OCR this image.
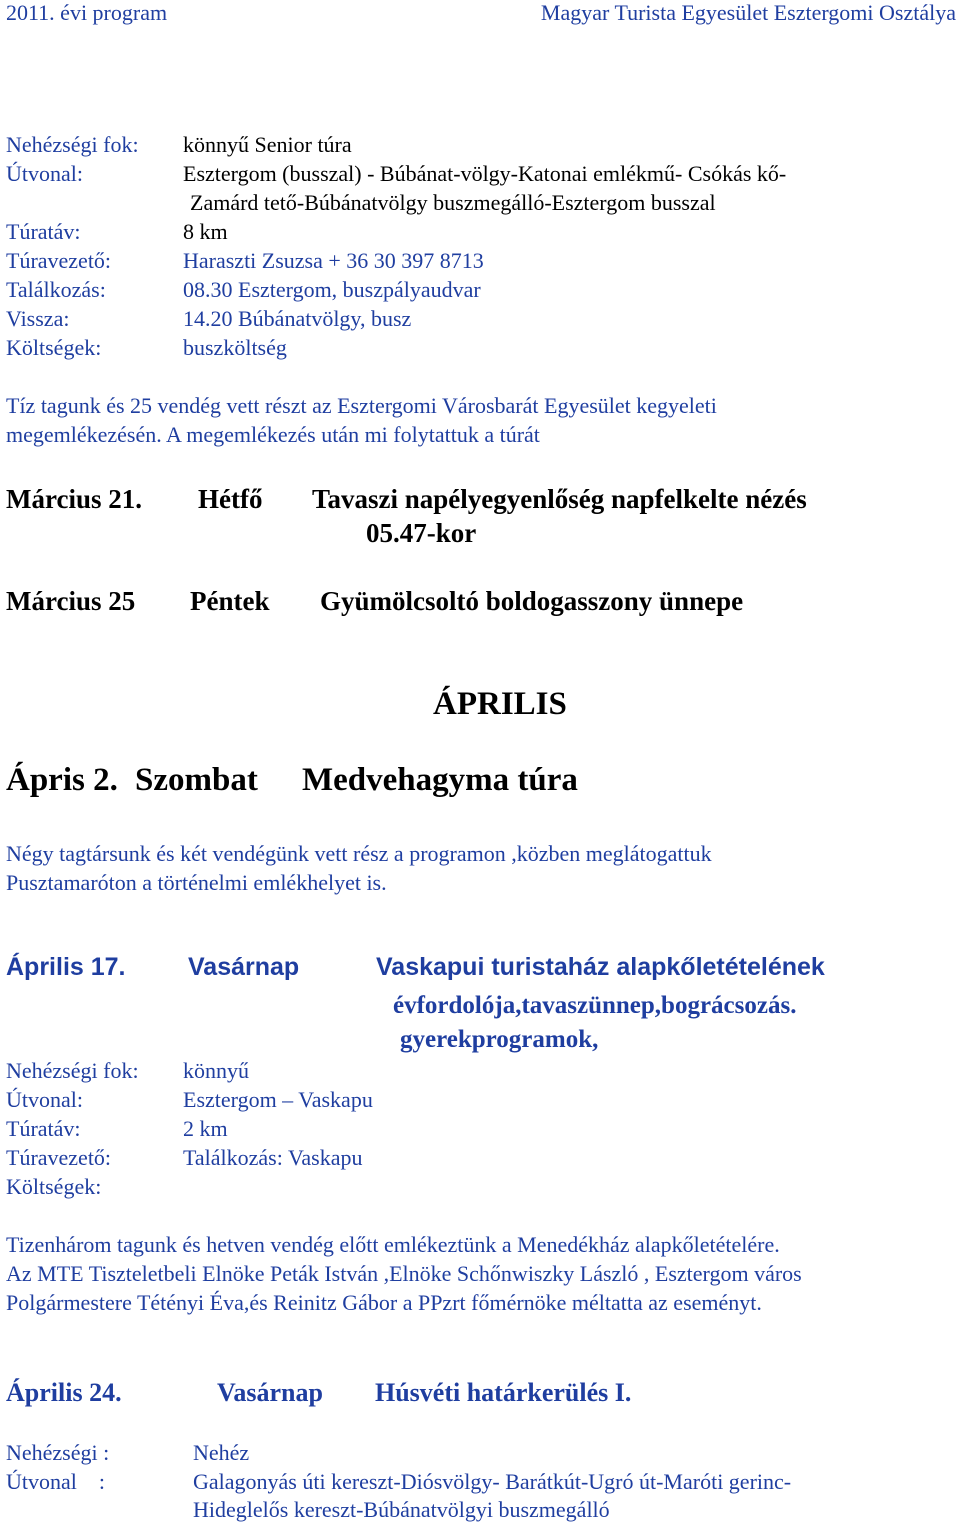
2011. évi program	Magyar Turista Egyesület Esztergomi Osztálya
Nehézségi fok: könnyű Senior túra
Útvonal:	Esztergom (busszal) - Búbánat-völgy-Katonai emlékmű- Csókás kő-
Zamárd tető-Búbánatvölgy buszmegálló-Esztergom busszal
Túratáv:	8 km
Túravezető:	Haraszti Zsuzsa + 36 30 397 8713
Találkozás:	08.30 Esztergom, buszpályaudvar
Vissza:	14.20 Búbánatvölgy, busz
Költségek:	buszköltség
Tíz tagunk és 25 vendég vett részt az Esztergomi Városbarát Egyesület kegyeleti
megemlékezésén. A megemlékezés után mi folytattuk a túrát
Március 21. Hétfő Tavaszi napélyegyenlőség napfelkelte nézés
05.47-kor
Március 25 Péntek Gyümölcsoltó boldogasszony ünnepe
ÁPRILIS
Ápris 2. Szombat Medvehagyma túra
Négy tagtársunk és két vendégünk vett rész a programon ,közben meglátogattuk
Pusztamaróton a történelmi emlékhelyet is.
Április 17.	Vasárnap	Vaskapui turistaház alapkőletételének
évfordolója,tavaszünnep,bográcsozás.
gyerekprogramok,
Nehézségi fok: könnyű
Útvonal:	Esztergom – Vaskapu
Túratáv:	2 km
Túravezető:	Találkozás: Vaskapu
Költségek:
Tizenhárom tagunk és hetven vendég előtt emlékeztünk a Menedékház alapkőletételére.
Az MTE Tiszteletbeli Elnöke Peták István ,Elnöke Schőnwiszky László , Esztergom város
Polgármestere Tétényi Éva,és Reinitz Gábor a PPzrt főmérnöke méltatta az eseményt.
Április 24.	Vasárnap Húsvéti határkerülés I.
Nehézségi :	Nehéz
Útvonal    :	Galagonyás úti kereszt-Diósvölgy- Barátkút-Ugró út-Maróti gerinc-
Hideglelős kereszt-Búbánatvölgyi buszmegálló
